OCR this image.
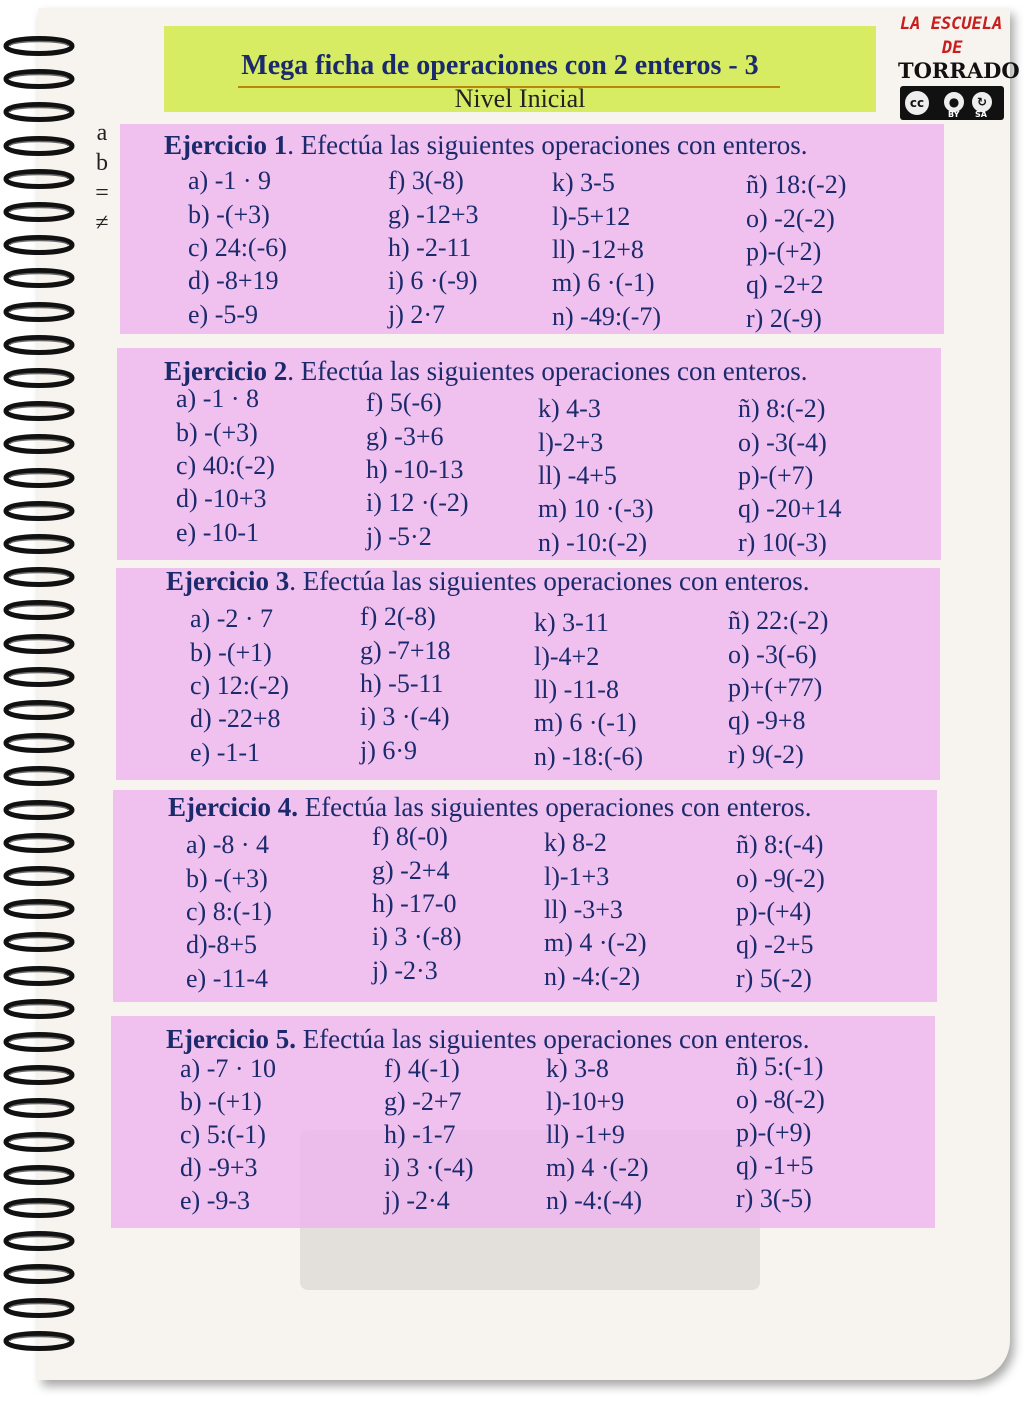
Mega ficha de operaciones con 2 enteros - 3
Nivel Inicial
LA ESCUELA
DE
TORRADO
cc	●	↻
BY SA
a
b
=
≠
Ejercicio 1. Efectúa las siguientes operaciones con enteros.
a) -1 · 9
b) -(+3)
c) 24:(-6)
d) -8+19
e) -5-9
f) 3(-8)
g) -12+3
h) -2-11
i) 6 ·(-9)
j) 2·7
k) 3-5
l)-5+12
ll) -12+8
m) 6 ·(-1)
n) -49:(-7)
ñ) 18:(-2)
o) -2(-2)
p)-(+2)
q) -2+2
r) 2(-9)
Ejercicio 2. Efectúa las siguientes operaciones con enteros.
a) -1 · 8
b) -(+3)
c) 40:(-2)
d) -10+3
e) -10-1
f) 5(-6)
g) -3+6
h) -10-13
i) 12 ·(-2)
j) -5·2
k) 4-3
l)-2+3
ll) -4+5
m) 10 ·(-3)
n) -10:(-2)
ñ) 8:(-2)
o) -3(-4)
p)-(+7)
q) -20+14
r) 10(-3)
Ejercicio 3. Efectúa las siguientes operaciones con enteros.
a) -2 · 7
b) -(+1)
c) 12:(-2)
d) -22+8
e) -1-1
f) 2(-8)
g) -7+18
h) -5-11
i) 3 ·(-4)
j) 6·9
k) 3-11
l)-4+2
ll) -11-8
m) 6 ·(-1)
n) -18:(-6)
ñ) 22:(-2)
o) -3(-6)
p)+(+77)
q) -9+8
r) 9(-2)
Ejercicio 4. Efectúa las siguientes operaciones con enteros.
a) -8 · 4
b) -(+3)
c) 8:(-1)
d)-8+5
e) -11-4
f) 8(-0)
g) -2+4
h) -17-0
i) 3 ·(-8)
j) -2·3
k) 8-2
l)-1+3
ll) -3+3
m) 4 ·(-2)
n) -4:(-2)
ñ) 8:(-4)
o) -9(-2)
p)-(+4)
q) -2+5
r) 5(-2)
Ejercicio 5. Efectúa las siguientes operaciones con enteros.
a) -7 · 10
b) -(+1)
c) 5:(-1)
d) -9+3
e) -9-3
f) 4(-1)
g) -2+7
h) -1-7
i) 3 ·(-4)
j) -2·4
k) 3-8
l)-10+9
ll) -1+9
m) 4 ·(-2)
n) -4:(-4)
ñ) 5:(-1)
o) -8(-2)
p)-(+9)
q) -1+5
r) 3(-5)
